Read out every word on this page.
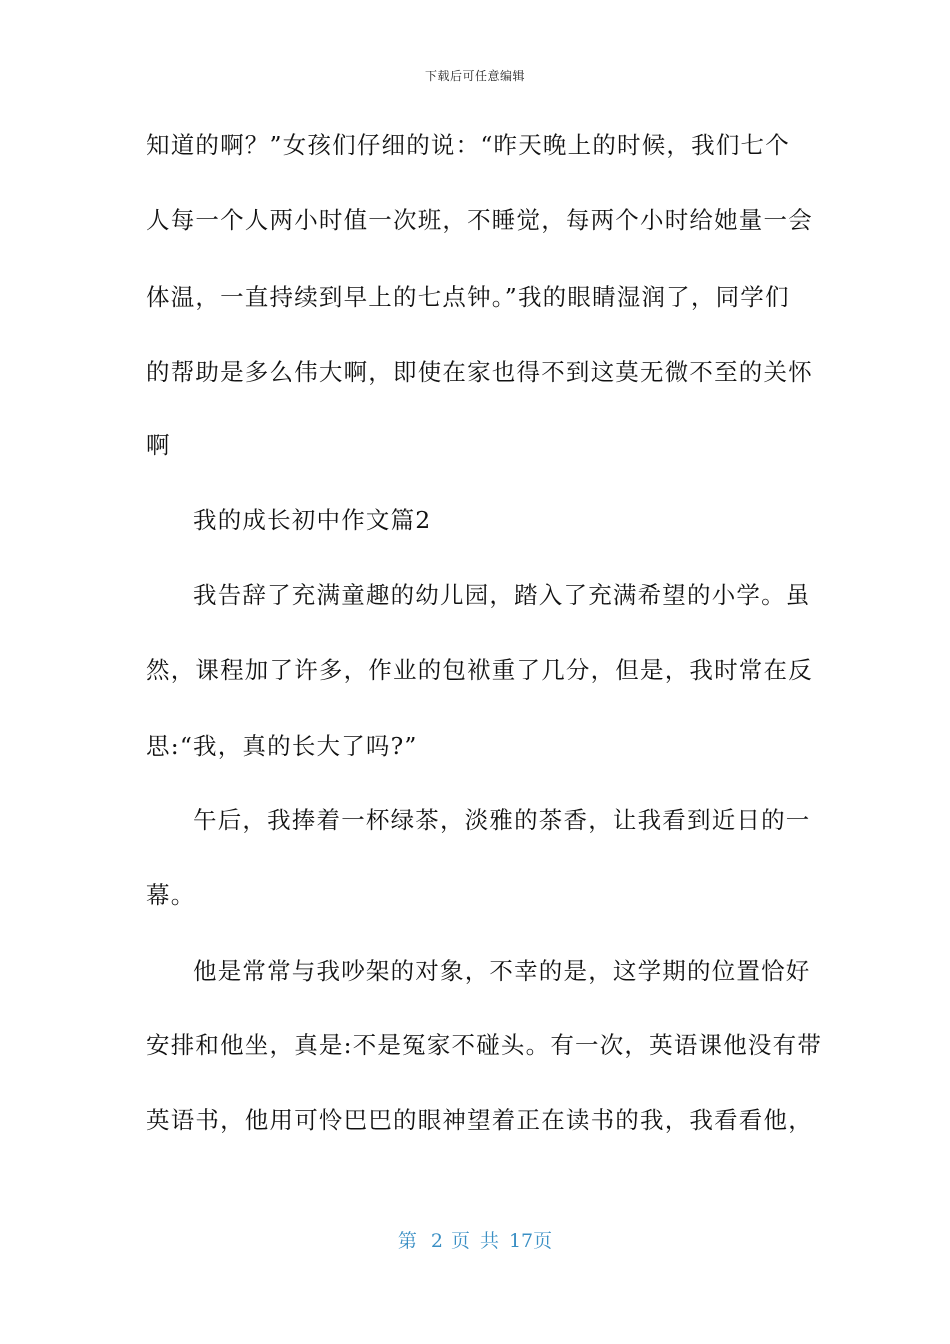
下载后可任意编辑
知道的啊？”女孩们仔细的说：“昨天晚上的时候，我们七个
人每一个人两小时值一次班，不睡觉，每两个小时给她量一会
体温，一直持续到早上的七点钟。”我的眼睛湿润了，同学们
的帮助是多么伟大啊，即使在家也得不到这莫无微不至的关怀
啊
我的成长初中作文篇2
我告辞了充满童趣的幼儿园，踏入了充满希望的小学。虽
然，课程加了许多，作业的包袱重了几分，但是，我时常在反
思:“我，真的长大了吗?”
午后，我捧着一杯绿茶，淡雅的茶香，让我看到近日的一
幕。
他是常常与我吵架的对象，不幸的是，这学期的位置恰好
安排和他坐，真是:不是冤家不碰头。有一次，英语课他没有带
英语书，他用可怜巴巴的眼神望着正在读书的我，我看看他，
第 2 页 共 17页
